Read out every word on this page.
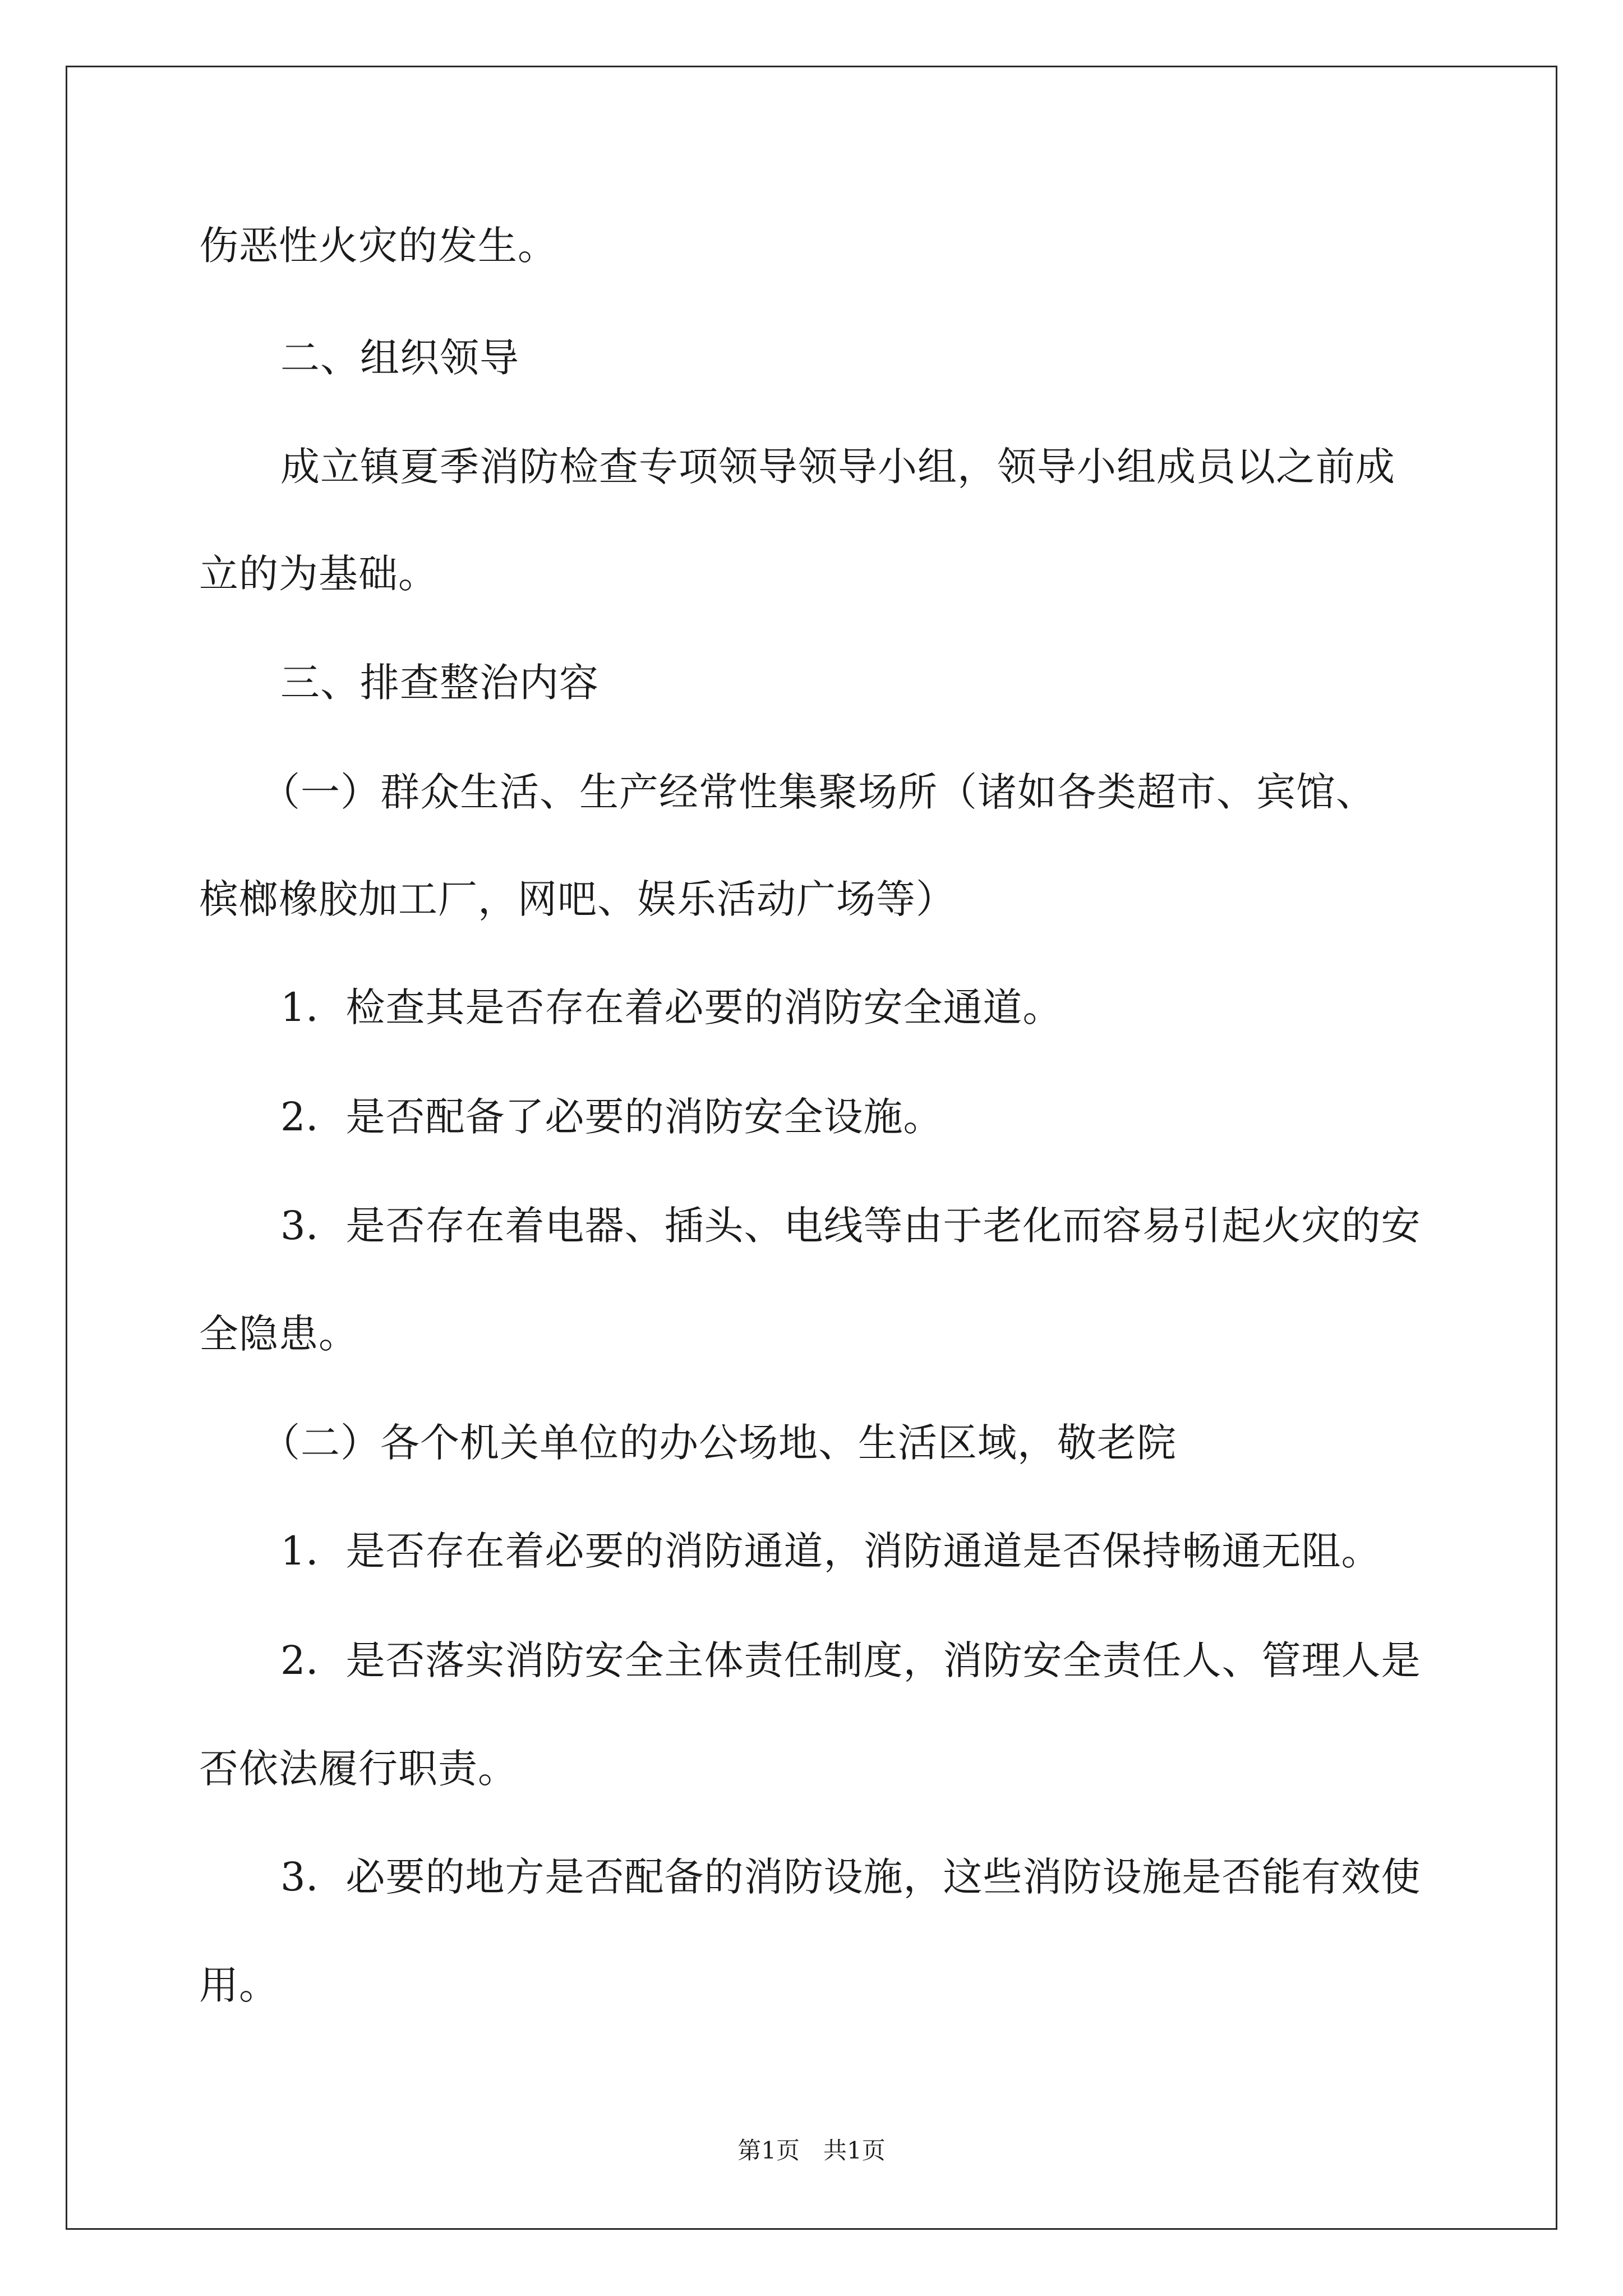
伤恶性火灾的发生。

二、组织领导

成立镇夏季消防检查专项领导领导小组，领导小组成员以之前成

立的为基础。

三、排查整治内容

（一）群众生活、生产经常性集聚场所（诸如各类超市、宾馆、

槟榔橡胶加工厂，网吧、娱乐活动广场等）

1．检查其是否存在着必要的消防安全通道。

2．是否配备了必要的消防安全设施。

3．是否存在着电器、插头、电线等由于老化而容易引起火灾的安

全隐患。

（二）各个机关单位的办公场地、生活区域，敬老院

1．是否存在着必要的消防通道，消防通道是否保持畅通无阻。

2．是否落实消防安全主体责任制度，消防安全责任人、管理人是

否依法履行职责。

3．必要的地方是否配备的消防设施，这些消防设施是否能有效使

用。

第1页　共1页
